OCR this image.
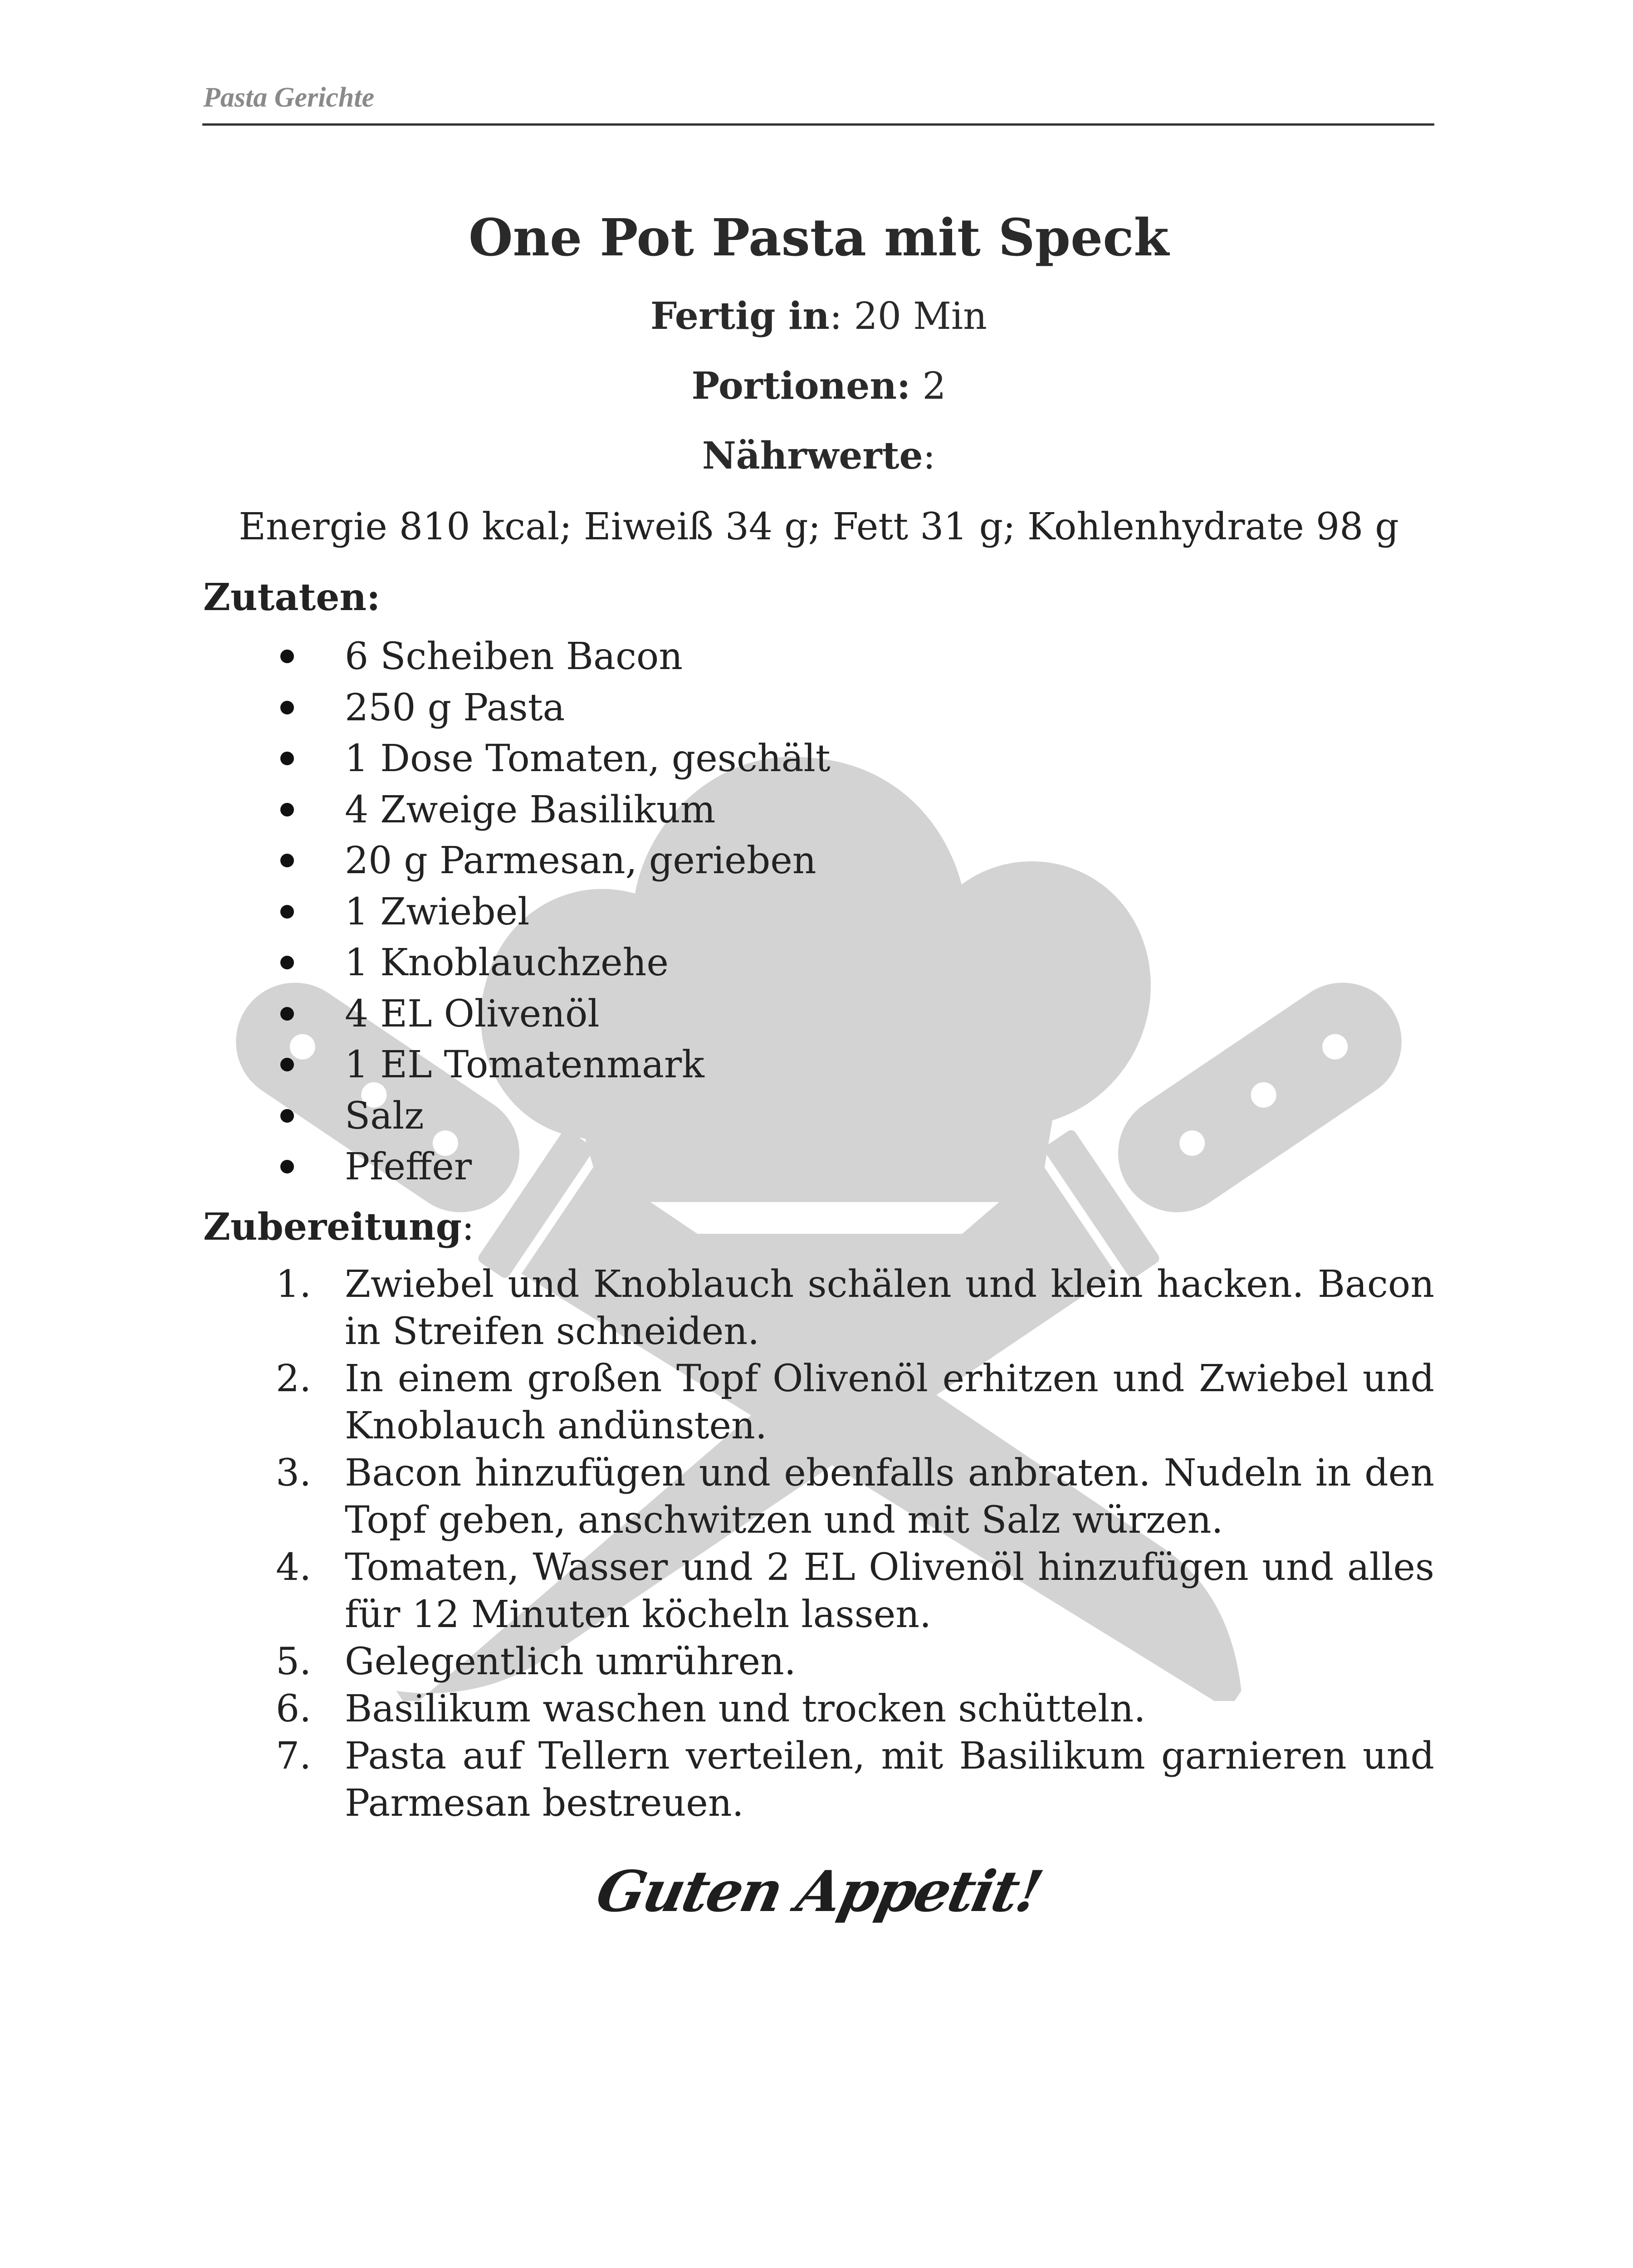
Pasta Gerichte
One Pot Pasta mit Speck
Fertig in: 20 Min
Portionen: 2
Nährwerte:
Energie 810 kcal; Eiweiß 34 g; Fett 31 g; Kohlenhydrate 98 g
Zutaten:
6 Scheiben Bacon
250 g Pasta
1 Dose Tomaten, geschält
4 Zweige Basilikum
20 g Parmesan, gerieben
1 Zwiebel
1 Knoblauchzehe
4 EL Olivenöl
1 EL Tomatenmark
Salz
Pfeffer
Zubereitung:
1. Zwiebel und Knoblauch schälen und klein hacken. Bacon in Streifen schneiden.
2. In einem großen Topf Olivenöl erhitzen und Zwiebel und Knoblauch andünsten.
3. Bacon hinzufügen und ebenfalls anbraten. Nudeln in den Topf geben, anschwitzen und mit Salz würzen.
4. Tomaten, Wasser und 2 EL Olivenöl hinzufügen und alles für 12 Minuten köcheln lassen.
5. Gelegentlich umrühren.
6. Basilikum waschen und trocken schütteln.
7. Pasta auf Tellern verteilen, mit Basilikum garnieren und Parmesan bestreuen.
Guten Appetit!
